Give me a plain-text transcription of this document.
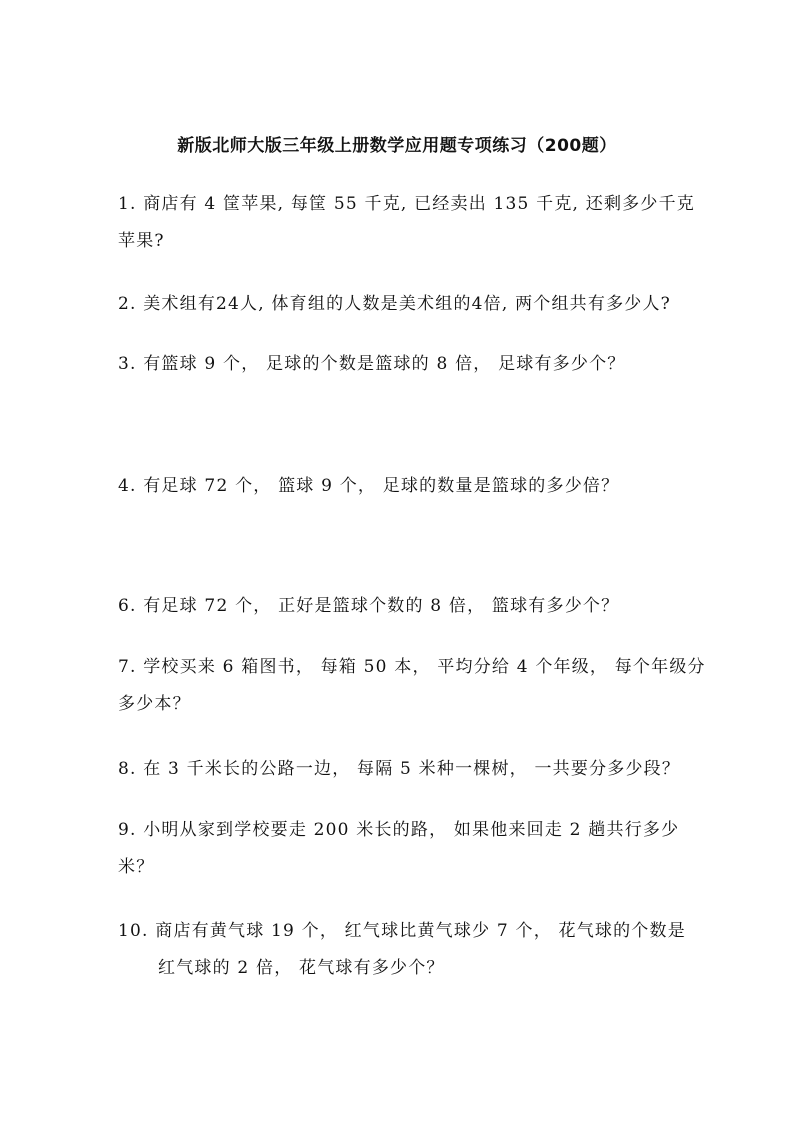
新版北师大版三年级上册数学应用题专项练习（200题）
1. 商店有 4 筐苹果, 每筐 55 千克, 已经卖出 135 千克, 还剩多少千克
苹果?
2. 美术组有24人, 体育组的人数是美术组的4倍, 两个组共有多少人?
3. 有篮球 9 个， 足球的个数是篮球的 8 倍， 足球有多少个？
4. 有足球 72 个， 篮球 9 个， 足球的数量是篮球的多少倍？
6. 有足球 72 个， 正好是篮球个数的 8 倍， 篮球有多少个？
7. 学校买来 6 箱图书， 每箱 50 本， 平均分给 4 个年级， 每个年级分
多少本？
8. 在 3 千米长的公路一边， 每隔 5 米种一棵树， 一共要分多少段？
9. 小明从家到学校要走 200 米长的路， 如果他来回走 2 趟共行多少
米？
10. 商店有黄气球 19 个， 红气球比黄气球少 7 个， 花气球的个数是
红气球的 2 倍， 花气球有多少个？
